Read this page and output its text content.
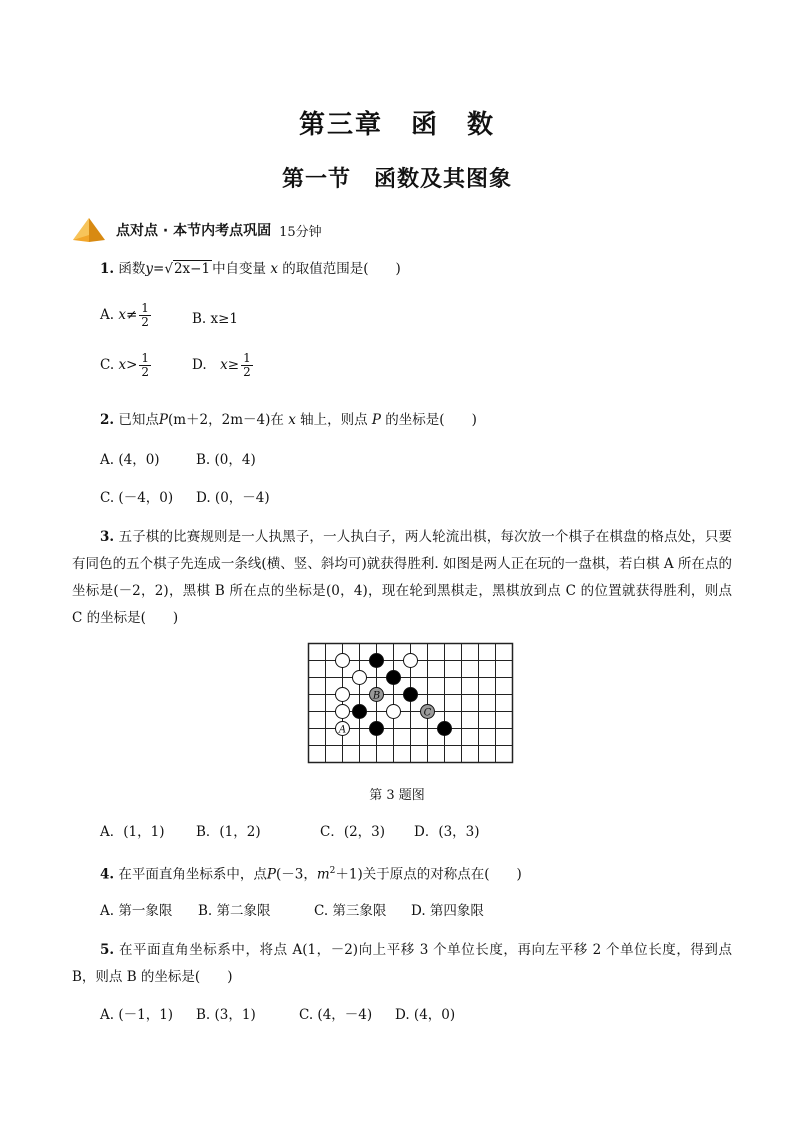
第三章　函　数
第一节　函数及其图象
点对点 · 本节内考点巩固 15分钟
1. 函数y=√2x−1 中自变量 x 的取值范围是(　　)
A. $x\ne \frac{1}{2}$	B. x≥1
C. $x> \frac{1}{2}$	D.　$x\ge \frac{1}{2}$
2. 已知点P(m＋2，2m－4)在 x 轴上，则点 P 的坐标是(　　)
A. (4，0)	B. (0，4)
C. (－4，0) D. (0，－4)
3. 五子棋的比赛规则是一人执黑子，一人执白子，两人轮流出棋，每次放一个棋子在棋盘的格点处，只要有同色的五个棋子先连成一条线(横、竖、斜均可)就获得胜利. 如图是两人正在玩的一盘棋，若白棋 A 所在点的坐标是(－2，2)，黑棋 B 所在点的坐标是(0，4)，现在轮到黑棋走，黑棋放到点 C 的位置就获得胜利，则点 C 的坐标是(　　)
A
B
C
第 3 题图
A．(1，1) B．(1，2)	C．(2，3) D．(3，3)
4. 在平面直角坐标系中，点P(－3，$m^2+1$)关于原点的对称点在(　　)
A. 第一象限 B. 第二象限	C. 第三象限 D. 第四象限
5. 在平面直角坐标系中，将点 A(1，－2)向上平移 3 个单位长度，再向左平移 2 个单位长度，得到点 B，则点 B 的坐标是(　　)
A. (－1，1) B. (3，1)	C. (4，－4) D. (4，0)
